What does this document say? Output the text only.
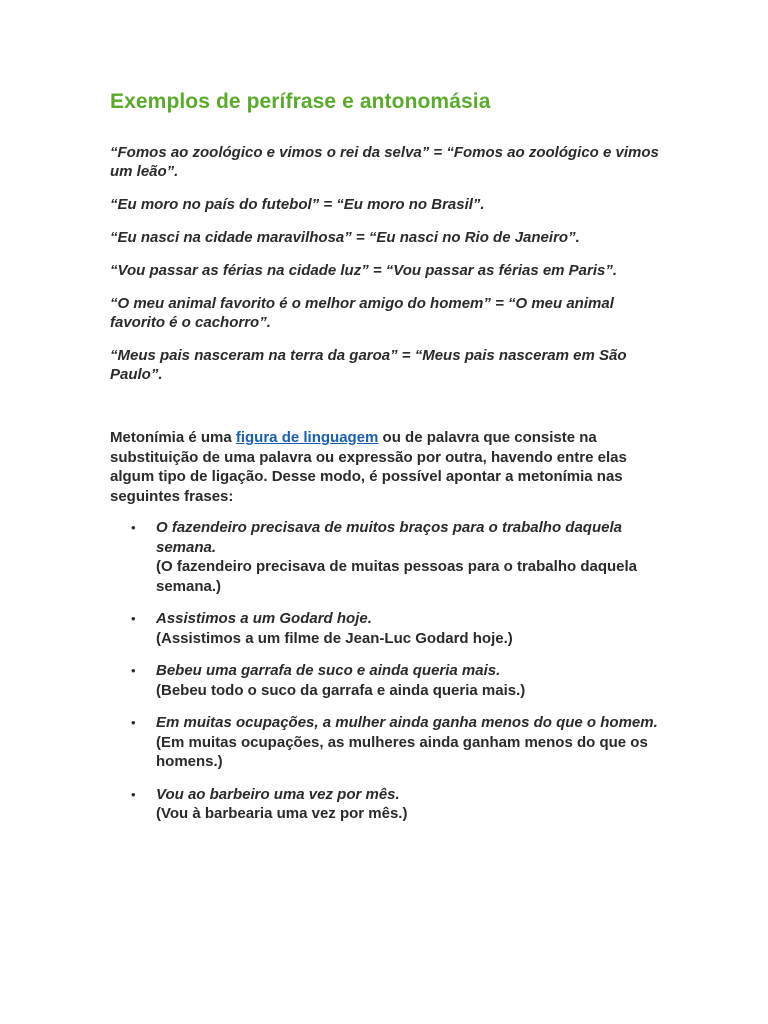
Exemplos de perífrase e antonomásia

“Fomos ao zoológico e vimos o rei da selva” = “Fomos ao zoológico e vimos um leão”.

“Eu moro no país do futebol” = “Eu moro no Brasil”.

“Eu nasci na cidade maravilhosa” = “Eu nasci no Rio de Janeiro”.

“Vou passar as férias na cidade luz” = “Vou passar as férias em Paris”.

“O meu animal favorito é o melhor amigo do homem” = “O meu animal favorito é o cachorro”.

“Meus pais nasceram na terra da garoa” = “Meus pais nasceram em São Paulo”.

Metonímia é uma figura de linguagem ou de palavra que consiste na substituição de uma palavra ou expressão por outra, havendo entre elas algum tipo de ligação. Desse modo, é possível apontar a metonímia nas seguintes frases:

• O fazendeiro precisava de muitos braços para o trabalho daquela semana.
(O fazendeiro precisava de muitas pessoas para o trabalho daquela semana.)
• Assistimos a um Godard hoje.
(Assistimos a um filme de Jean-Luc Godard hoje.)
• Bebeu uma garrafa de suco e ainda queria mais.
(Bebeu todo o suco da garrafa e ainda queria mais.)
• Em muitas ocupações, a mulher ainda ganha menos do que o homem.
(Em muitas ocupações, as mulheres ainda ganham menos do que os homens.)
• Vou ao barbeiro uma vez por mês.
(Vou à barbearia uma vez por mês.)
